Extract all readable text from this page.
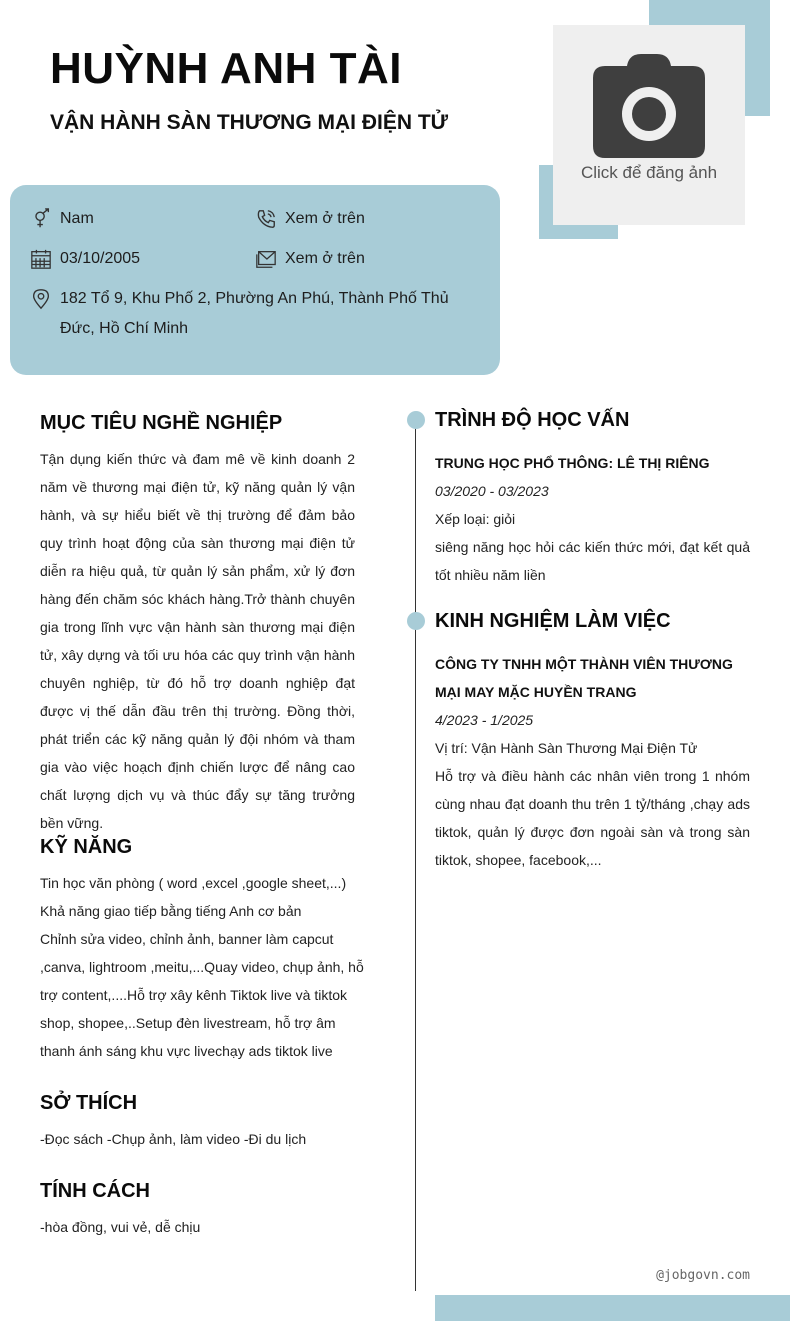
HUỲNH ANH TÀI
VẬN HÀNH SÀN THƯƠNG MẠI ĐIỆN TỬ
Click để đăng ảnh
Nam	Xem ở trên
03/10/2005	Xem ở trên
182 Tổ 9, Khu Phố 2, Phường An Phú, Thành Phố Thủ Đức, Hồ Chí Minh
MỤC TIÊU NGHỀ NGHIỆP
Tận dụng kiến thức và đam mê về kinh doanh 2 năm về thương mại điện tử, kỹ năng quản lý vận hành, và sự hiểu biết về thị trường để đảm bảo quy trình hoạt động của sàn thương mại điện tử diễn ra hiệu quả, từ quản lý sản phẩm, xử lý đơn hàng đến chăm sóc khách hàng.Trở thành chuyên gia trong lĩnh vực vận hành sàn thương mại điện tử, xây dựng và tối ưu hóa các quy trình vận hành chuyên nghiệp, từ đó hỗ trợ doanh nghiệp đạt được vị thế dẫn đầu trên thị trường. Đồng thời, phát triển các kỹ năng quản lý đội nhóm và tham gia vào việc hoạch định chiến lược để nâng cao chất lượng dịch vụ và thúc đẩy sự tăng trưởng bền vững.
KỸ NĂNG
Tin học văn phòng ( word ,excel ,google sheet,...)
Khả năng giao tiếp bằng tiếng Anh cơ bản
Chỉnh sửa video, chỉnh ảnh, banner làm capcut
,canva, lightroom ,meitu,...Quay video, chụp ảnh, hỗ
trợ content,....Hỗ trợ xây kênh Tiktok live và tiktok
shop, shopee,..Setup đèn livestream, hỗ trợ âm
thanh ánh sáng khu vực livechạy ads tiktok live
SỞ THÍCH
-Đọc sách -Chụp ảnh, làm video -Đi du lịch
TÍNH CÁCH
-hòa đồng, vui vẻ, dễ chịu
TRÌNH ĐỘ HỌC VẤN
TRUNG HỌC PHỔ THÔNG: LÊ THỊ RIÊNG
03/2020 - 03/2023
Xếp loại: giỏi
siêng năng học hỏi các kiến thức mới, đạt kết quả tốt nhiều năm liền
KINH NGHIỆM LÀM VIỆC
CÔNG TY TNHH MỘT THÀNH VIÊN THƯƠNG MẠI MAY MẶC HUYỀN TRANG
4/2023 - 1/2025
Vị trí: Vận Hành Sàn Thương Mại Điện Tử
Hỗ trợ và điều hành các nhân viên trong 1 nhóm cùng nhau đạt doanh thu trên 1 tỷ/tháng ,chạy ads tiktok, quản lý được đơn ngoài sàn và trong sàn tiktok, shopee, facebook,...
@jobgovn.com
